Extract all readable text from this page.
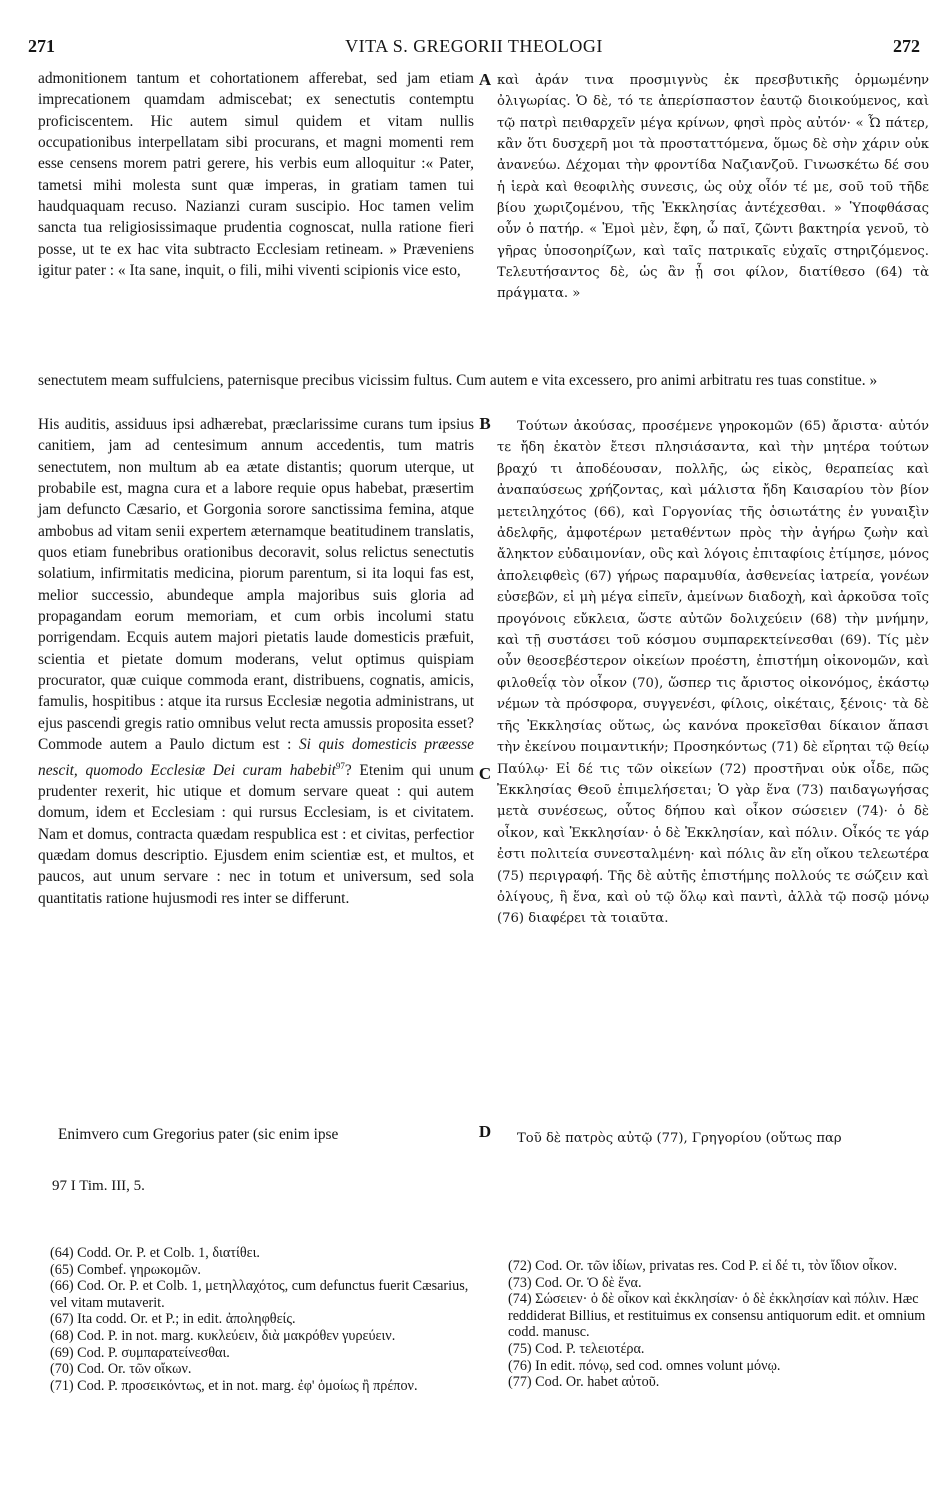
271	VITA S. GREGORII THEOLOGI	272
A
B
C
D

admonitionem tantum et cohortationem afferebat, sed jam etiam imprecationem quamdam admiscebat; ex senectutis contemptu proficiscentem. Hic autem simul quidem et vitam nullis occupationibus interpellatam sibi procurans, et magni momenti rem esse censens morem patri gerere, his verbis eum alloquitur :« Pater, tametsi mihi molesta sunt quæ imperas, in gratiam tamen tui haudquaquam recuso. Nazianzi curam suscipio. Hoc tamen velim sancta tua religiosissimaque prudentia cognoscat, nulla ratione fieri posse, ut te ex hac vita subtracto Ecclesiam retineam. » Præveniens igitur pater : « Ita sane, inquit, o fili, mihi viventi scipionis vice esto,

καὶ ἀράν τινα προσμιγνὺς ἐκ πρεσβυτικῆς ὁρμωμένην ὀλιγωρίας. Ὁ δὲ, τό τε ἀπερίσπαστον ἑαυτῷ διοικούμενος, καὶ τῷ πατρὶ πειθαρχεῖν μέγα κρίνων, φησὶ πρὸς αὐτόν· « Ὦ πάτερ, κἂν ὅτι δυσχερῆ μοι τὰ προσταττόμενα, ὅμως δὲ σὴν χάριν οὐκ ἀνανεύω. Δέχομαι τὴν φροντίδα Ναζιανζοῦ. Γινωσκέτω δέ σου ἡ ἱερὰ καὶ θεοφιλὴς συνεσις, ὡς οὐχ οἷόν τέ με, σοῦ τοῦ τῆδε βίου χωριζομένου, τῆς Ἐκκλησίας ἀντέχεσθαι. » Ὑποφθάσας οὖν ὁ πατήρ. « Ἐμοὶ μὲν, ἔφη, ὦ παῖ, ζῶντι βακτηρία γενοῦ, τὸ γῆρας ὑποσοηρίζων, καὶ ταῖς πατρικαῖς εὐχαῖς στηριζόμενος. Τελευτήσαντος δὲ, ὡς ἂν ᾖ σοι φίλον, διατίθεσο (64) τὰ πράγματα. »

senectutem meam suffulciens, paternisque precibus vicissim fultus. Cum autem e vita excessero, pro animi arbitratu res tuas constitue. »

His auditis, assiduus ipsi adhærebat, præclarissime curans tum ipsius canitiem, jam ad centesimum annum accedentis, tum matris senectutem, non multum ab ea ætate distantis; quorum uterque, ut probabile est, magna cura et a labore requie opus habebat, præsertim jam defuncto Cæsario, et Gorgonia sorore sanctissima femina, atque ambobus ad vitam senii expertem æternamque beatitudinem translatis, quos etiam funebribus orationibus decoravit, solus relictus senectutis solatium, infirmitatis medicina, piorum parentum, si ita loqui fas est, melior successio, abundeque ampla majoribus suis gloria ad propagandam eorum memoriam, et cum orbis incolumi statu porrigendam. Ecquis autem majori pietatis laude domesticis præfuit, scientia et pietate domum moderans, velut optimus quispiam procurator, quæ cuique commoda erant, distribuens, cognatis, amicis, famulis, hospitibus : atque ita rursus Ecclesiæ negotia administrans, ut ejus pascendi gregis ratio omnibus velut recta amussis proposita esset? Commode autem a Paulo dictum est : Si quis domesticis præesse nescit, quomodo Ecclesiæ Dei curam habebit$^{97}$? Etenim qui unum prudenter rexerit, hic utique et domum servare queat : qui autem domum, idem et Ecclesiam : qui rursus Ecclesiam, is et civitatem. Nam et domus, contracta quædam respublica est : et civitas, perfectior quædam domus descriptio. Ejusdem enim scientiæ est, et multos, et paucos, aut unum servare : nec in totum et universum, sed sola quantitatis ratione hujusmodi res inter se differunt.

Τούτων ἀκούσας, προσέμενε γηροκομῶν (65) ἄριστα· αὐτόν τε ἤδη ἑκατὸν ἔτεσι πλησιάσαντα, καὶ τὴν μητέρα τούτων βραχύ τι ἀποδέουσαν, πολλῆς, ὡς εἰκὸς, θεραπείας καὶ ἀναπαύσεως χρήζοντας, καὶ μάλιστα ἤδη Καισαρίου τὸν βίον μετειληχότος (66), καὶ Γοργονίας τῆς ὁσιωτάτης ἐν γυναιξὶν ἀδελφῆς, ἀμφοτέρων μεταθέντων πρὸς τὴν ἀγήρω ζωὴν καὶ ἄληκτον εὐδαιμονίαν, οὓς καὶ λόγοις ἐπιταφίοις ἐτίμησε, μόνος ἀπολειφθεὶς (67) γήρως παραμυθία, ἀσθενείας ἰατρεία, γονέων εὐσεβῶν, εἰ μὴ μέγα εἰπεῖν, ἀμείνων διαδοχὴ, καὶ ἀρκοῦσα τοῖς προγόνοις εὔκλεια, ὥστε αὐτῶν δολιχεύειν (68) τὴν μνήμην, καὶ τῇ συστάσει τοῦ κόσμου συμπαρεκτείνεσθαι (69). Τίς μὲν οὖν θεοσεβέστερον οἰκείων προέστη, ἐπιστήμη οἰκονομῶν, καὶ φιλοθεΐᾳ τὸν οἶκον (70), ὥσπερ τις ἄριστος οἰκονόμος, ἑκάστῳ νέμων τὰ πρόσφορα, συγγενέσι, φίλοις, οἰκέταις, ξένοις· τὰ δὲ τῆς Ἐκκλησίας οὕτως, ὡς κανόνα προκεῖσθαι δίκαιον ἅπασι τὴν ἐκείνου ποιμαντικήν; Προσηκόντως (71) δὲ εἴρηται τῷ θείῳ Παύλῳ· Εἰ δέ τις τῶν οἰκείων (72) προστῆναι οὐκ οἶδε, πῶς Ἐκκλησίας Θεοῦ ἐπιμελήσεται; Ὁ γὰρ ἕνα (73) παιδαγωγήσας μετὰ συνέσεως, οὗτος δήπου καὶ οἶκον σώσειεν (74)· ὁ δὲ οἶκον, καὶ Ἐκκλησίαν· ὁ δὲ Ἐκκλησίαν, καὶ πόλιν. Οἶκός τε γάρ ἐστι πολιτεία συνεσταλμένη· καὶ πόλις ἂν εἴη οἴκου τελεωτέρα (75) περιγραφή. Τῆς δὲ αὐτῆς ἐπιστήμης πολλούς τε σώζειν καὶ ὀλίγους, ἢ ἕνα, καὶ οὐ τῷ ὅλῳ καὶ παντὶ, ἀλλὰ τῷ ποσῷ μόνῳ (76) διαφέρει τὰ τοιαῦτα.

Enimvero cum Gregorius pater (sic enim ipse	Τοῦ δὲ πατρὸς αὐτῷ (77), Γρηγορίου (οὕτως παρ

97 I Tim. III, 5.
(64) Codd. Or. P. et Colb. 1, διατίθει.
(65) Combef. γηρωκομῶν.
(66) Cod. Or. P. et Colb. 1, μετηλλαχότος, cum defunctus fuerit Cæsarius, vel vitam mutaverit.
(67) Ita codd. Or. et P.; in edit. ἀποληφθείς.
(68) Cod. P. in not. marg. κυκλεύειν, διὰ μακρόθεν γυρεύειν.
(69) Cod. P. συμπαρατείνεσθαι.
(70) Cod. Or. τῶν οἴκων.
(71) Cod. P. προσεικόντως, et in not. marg. ἐφ' ὁμοίως ἢ πρέπον.
(72) Cod. Or. τῶν ἰδίων, privatas res. Cod P. εἰ δέ τι, τὸν ἴδιον οἶκον.
(73) Cod. Or. Ὁ δὲ ἕνα.
(74) Σώσειεν· ὁ δὲ οἶκον καὶ ἐκκλησίαν· ὁ δὲ ἐκκλησίαν καὶ πόλιν. Hæc reddiderat Billius, et restituimus ex consensu antiquorum edit. et omnium codd. manusc.
(75) Cod. P. τελειοτέρα.
(76) In edit. πόνῳ, sed cod. omnes volunt μόνῳ.
(77) Cod. Or. habet αὐτοῦ.
